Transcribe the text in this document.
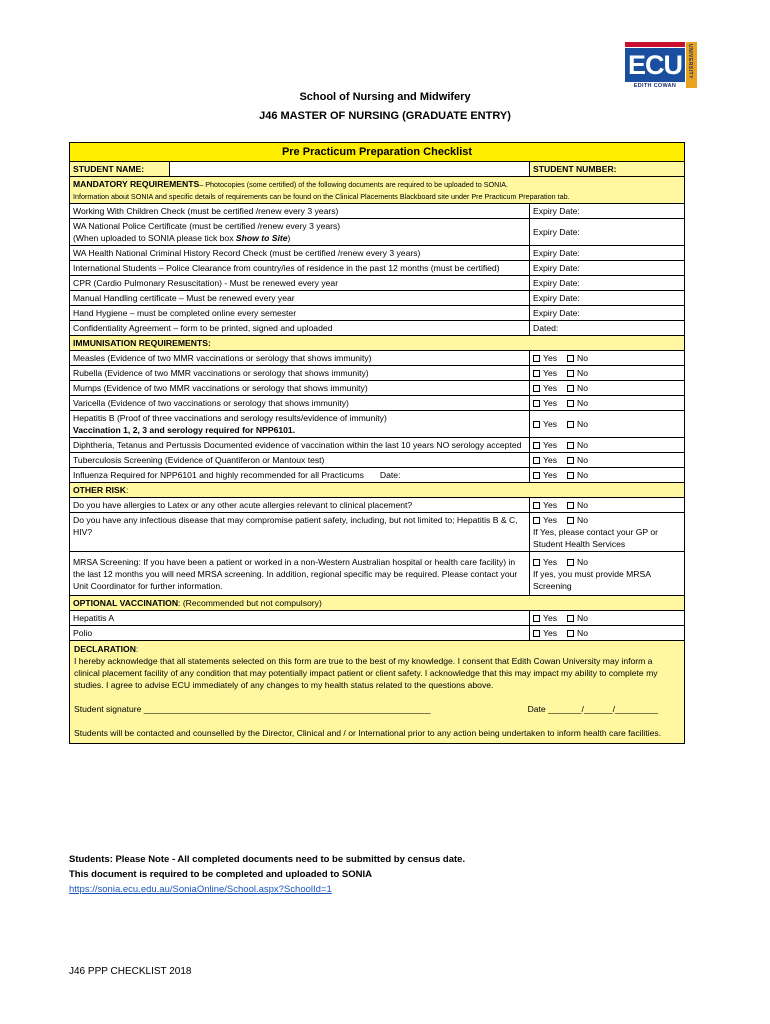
ECU	UNIVERSITY
EDITH COWAN
School of Nursing and Midwifery
J46 MASTER OF NURSING (GRADUATE ENTRY)
Pre Practicum Preparation Checklist		
STUDENT NAME:		STUDENT NUMBER:
MANDATORY REQUIREMENTS– Photocopies (some certified) of the following documents are required to be uploaded to SONIA.
Information about SONIA and specific details of requirements can be found on the Clinical Placements Blackboard site under Pre Practicum Preparation tab.		
Working With Children Check (must be certified /renew every 3 years)		Expiry Date:
WA National Police Certificate (must be certified /renew every 3 years)
(When uploaded to SONIA please tick box Show to Site)		Expiry Date:
WA Health National Criminal History Record Check (must be certified /renew every 3 years)		Expiry Date:
International Students – Police Clearance from country/ies of residence in the past 12 months (must be certified)		Expiry Date:
CPR (Cardio Pulmonary Resuscitation) - Must be renewed every year		Expiry Date:
Manual Handling certificate – Must be renewed every year		Expiry Date:
Hand Hygiene – must be completed online every semester		Expiry Date:
Confidentiality Agreement – form to be printed, signed and uploaded		Dated:
IMMUNISATION REQUIREMENTS:		
Measles (Evidence of two MMR vaccinations or serology that shows immunity)		Yes No
Rubella (Evidence of two MMR vaccinations or serology that shows immunity)		Yes No
Mumps (Evidence of two MMR vaccinations or serology that shows immunity)		Yes No
Varicella (Evidence of two vaccinations or serology that shows immunity)		Yes No
Hepatitis B (Proof of three vaccinations and serology results/evidence of immunity)
Vaccination 1, 2, 3 and serology required for NPP6101.		Yes No
Diphtheria, Tetanus and Pertussis Documented evidence of vaccination within the last 10 years NO serology accepted		Yes No
Tuberculosis Screening (Evidence of Quantiferon or Mantoux test)		Yes No
Influenza Required for NPP6101 and highly recommended for all Practicums Date:		Yes No
OTHER RISK:		
Do you have allergies to Latex or any other acute allergies relevant to clinical placement?		Yes No
Do you have any infectious disease that may compromise patient safety, including, but not limited to; Hepatitis B & C, HIV?		Yes No
If Yes, please contact your GP or Student Health Services
MRSA Screening: If you have been a patient or worked in a non-Western Australian hospital or health care facility) in the last 12 months you will need MRSA screening. In addition, regional specific may be required. Please contact your Unit Coordinator for further information.		Yes No
If yes, you must provide MRSA Screening
OPTIONAL VACCINATION: (Recommended but not compulsory)		
Hepatitis A		Yes No
Polio		Yes No

DECLARATION:

I hereby acknowledge that all statements selected on this form are true to the best of my knowledge. I consent that Edith Cowan University may inform a clinical placement facility of any condition that may potentially impact patient or client safety. I acknowledge that this may impact my ability to complete my studies. I agree to advise ECU immediately of any changes to my health status related to the questions above.

Student signature ____________________________________________________________ Date _______/______/_________

Students will be contacted and counselled by the Director, Clinical and / or International prior to any action being undertaken to inform health care facilities.		

Students: Please Note - All completed documents need to be submitted by census date.
This document is required to be completed and uploaded to SONIA
https://sonia.ecu.edu.au/SoniaOnline/School.aspx?SchoolId=1
J46 PPP CHECKLIST 2018
